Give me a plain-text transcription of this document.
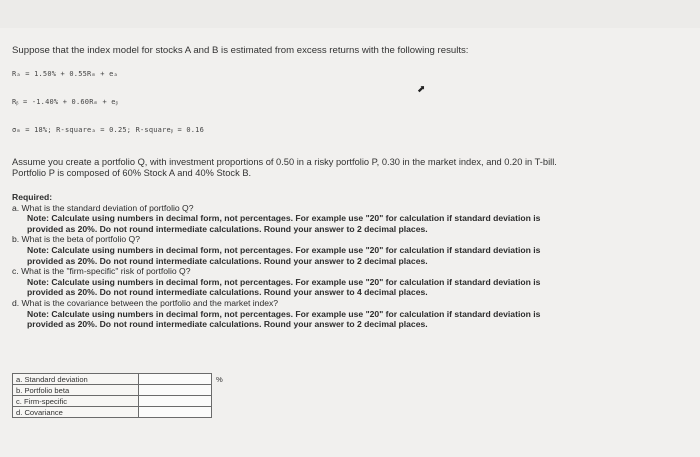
Suppose that the index model for stocks A and B is estimated from excess returns with the following results:
Rₐ = 1.50% + 0.55Rₘ + eₐ
Rᵦ = -1.40% + 0.60Rₘ + eᵦ
σₘ = 18%; R-squareₐ = 0.25; R-squareᵦ = 0.16
⬈

Assume you create a portfolio Q, with investment proportions of 0.50 in a risky portfolio P, 0.30 in the market index, and 0.20 in T-bill.

Portfolio P is composed of 60% Stock A and 40% Stock B.

Required:

a. What is the standard deviation of portfolio Q?

Note: Calculate using numbers in decimal form, not percentages. For example use "20" for calculation if standard deviation is

provided as 20%. Do not round intermediate calculations. Round your answer to 2 decimal places.

b. What is the beta of portfolio Q?

Note: Calculate using numbers in decimal form, not percentages. For example use "20" for calculation if standard deviation is

provided as 20%. Do not round intermediate calculations. Round your answer to 2 decimal places.

c. What is the "firm-specific" risk of portfolio Q?

Note: Calculate using numbers in decimal form, not percentages. For example use "20" for calculation if standard deviation is

provided as 20%. Do not round intermediate calculations. Round your answer to 4 decimal places.

d. What is the covariance between the portfolio and the market index?

Note: Calculate using numbers in decimal form, not percentages. For example use "20" for calculation if standard deviation is

provided as 20%. Do not round intermediate calculations. Round your answer to 2 decimal places.

a. Standard deviation		%
b. Portfolio beta		
c. Firm-specific		
d. Covariance		
